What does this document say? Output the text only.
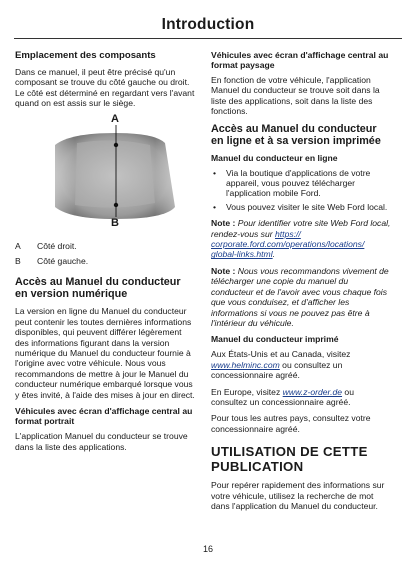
Introduction
Emplacement des composants
Dans ce manuel, il peut être précisé qu'un composant se trouve du côté gauche ou droit. Le côté est déterminé en regardant vers l'avant quand on est assis sur le siège.
A
B
A	Côté droit.
B	Côté gauche.
Accès au Manuel du conducteur en version numérique
La version en ligne du Manuel du conducteur peut contenir les toutes dernières informations disponibles, qui peuvent différer légèrement des informations figurant dans la version numérique du Manuel du conducteur fournie à l'origine avec votre véhicule. Nous vous recommandons de mettre à jour le Manuel du conducteur numérique embarqué lorsque vous y êtes invité, à l'aide des mises à jour en direct.
Véhicules avec écran d'affichage central au format portrait
L'application Manuel du conducteur se trouve dans la liste des applications.
Véhicules avec écran d'affichage central au format paysage
En fonction de votre véhicule, l'application Manuel du conducteur se trouve soit dans la liste des applications, soit dans la liste des fonctions.
Accès au Manuel du conducteur en ligne et à sa version imprimée
Manuel du conducteur en ligne
• Via la boutique d'applications de votre appareil, vous pouvez télécharger l'application mobile Ford.
• Vous pouvez visiter le site Web Ford local.
Note : Pour identifier votre site Web Ford local, rendez-vous sur https:// corporate.ford.com/operations/locations/ global-links.html.
Note : Nous vous recommandons vivement de télécharger une copie du manuel du conducteur et de l'avoir avec vous chaque fois que vous conduisez, et d'afficher les informations si vous ne pouvez pas être à l'intérieur du véhicule.
Manuel du conducteur imprimé
Aux États-Unis et au Canada, visitez www.helminc.com ou consultez un concessionnaire agréé.
En Europe, visitez www.z-order.de ou consultez un concessionnaire agréé.
Pour tous les autres pays, consultez votre concessionnaire agréé.
UTILISATION DE CETTE PUBLICATION
Pour repérer rapidement des informations sur votre véhicule, utilisez la recherche de mot dans l'application du Manuel du conducteur.
16
